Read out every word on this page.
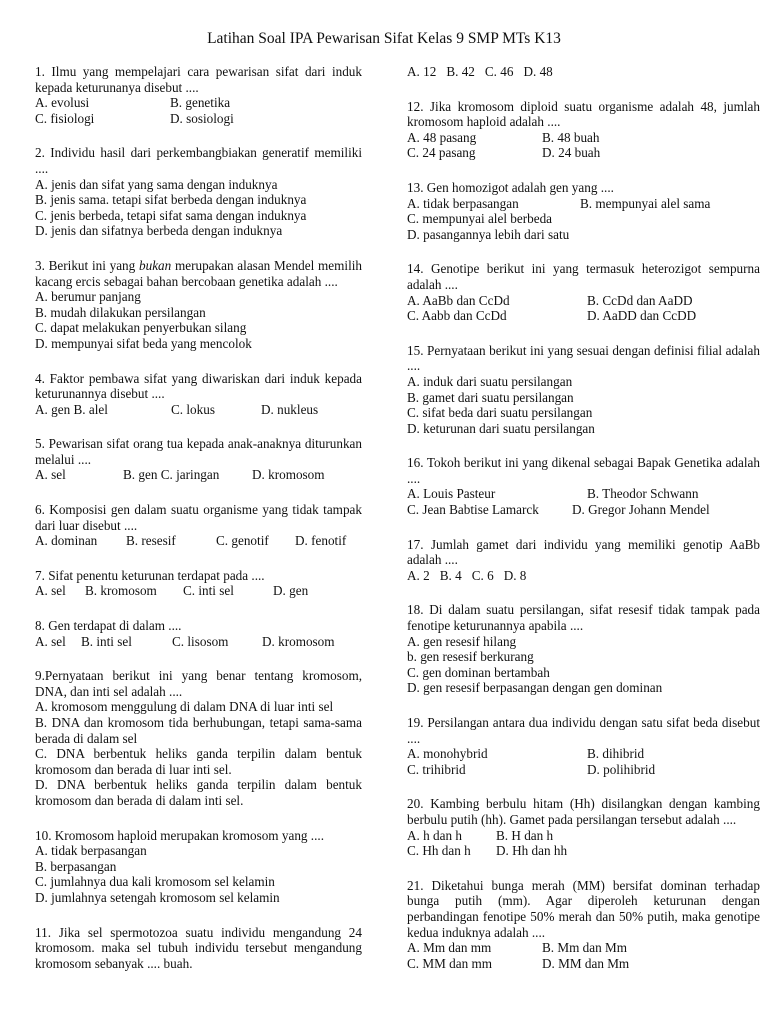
Latihan Soal IPA Pewarisan Sifat Kelas 9 SMP MTs K13
1. Ilmu yang mempelajari cara pewarisan sifat dari induk kepada keturunanya disebut ....
A. evolusi	B. genetika
C. fisiologi	D. sosiologi
2. Individu hasil dari perkembangbiakan generatif memiliki ....
A. jenis dan sifat yang sama dengan induknya
B. jenis sama. tetapi sifat berbeda dengan induknya
C. jenis berbeda, tetapi sifat sama dengan induknya
D. jenis dan sifatnya berbeda dengan induknya
3. Berikut ini yang bukan merupakan alasan Mendel memilih kacang ercis sebagai bahan bercobaan genetika adalah ....
A. berumur panjang
B. mudah dilakukan persilangan
C. dapat melakukan penyerbukan silang
D. mempunyai sifat beda yang mencolok
4. Faktor pembawa sifat yang diwariskan dari induk kepada keturunannya disebut ....
A. gen B. alel	C. lokus	D. nukleus
5. Pewarisan sifat orang tua kepada anak-anaknya diturunkan melalui ....
A. sel	B. gen C. jaringan D. kromosom
6. Komposisi gen dalam suatu organisme yang tidak tampak dari luar disebut ....
A. dominan B. resesif	C. genotif D. fenotif
7. Sifat penentu keturunan terdapat pada ....
A. sel B. kromosom C. inti sel	D. gen
8. Gen terdapat di dalam ....
A. sel B. inti sel	C. lisosom	D. kromosom
9.Pernyataan berikut ini yang benar tentang kromosom, DNA, dan inti sel adalah ....
A. kromosom menggulung di dalam DNA di luar inti sel
B. DNA dan kromosom tida berhubungan, tetapi sama-sama berada di dalam sel
C. DNA berbentuk heliks ganda terpilin dalam bentuk kromosom dan berada di luar inti sel.
D. DNA berbentuk heliks ganda terpilin dalam bentuk kromosom dan berada di dalam inti sel.
10. Kromosom haploid merupakan kromosom yang ....
A. tidak berpasangan
B. berpasangan
C. jumlahnya dua kali kromosom sel kelamin
D. jumlahnya setengah kromosom sel kelamin
11. Jika sel spermotozoa suatu individu mengandung 24 kromosom. maka sel tubuh individu tersebut mengandung kromosom sebanyak .... buah.
A. 12 B. 42 C. 46 D. 48
12. Jika kromosom diploid suatu organisme adalah 48, jumlah kromosom haploid adalah ....
A. 48 pasang	B. 48 buah
C. 24 pasang	D. 24 buah
13. Gen homozigot adalah gen yang ....
A. tidak berpasangan	B. mempunyai alel sama
C. mempunyai alel berbeda
D. pasangannya lebih dari satu
14. Genotipe berikut ini yang termasuk heterozigot sempurna adalah ....
A. AaBb dan CcDd	B. CcDd dan AaDD
C. Aabb dan CcDd	D. AaDD dan CcDD
15. Pernyataan berikut ini yang sesuai dengan definisi filial adalah ....
A. induk dari suatu persilangan
B. gamet dari suatu persilangan
C. sifat beda dari suatu persilangan
D. keturunan dari suatu persilangan
16. Tokoh berikut ini yang dikenal sebagai Bapak Genetika adalah ....
A. Louis Pasteur	B. Theodor Schwann
C. Jean Babtise Lamarck	D. Gregor Johann Mendel
17. Jumlah gamet dari individu yang memiliki genotip AaBb adalah ....
A. 2 B. 4 C. 6 D. 8
18. Di dalam suatu persilangan, sifat resesif tidak tampak pada fenotipe keturunannya apabila ....
A. gen resesif hilang
b. gen resesif berkurang
C. gen dominan bertambah
D. gen resesif berpasangan dengan gen dominan
19. Persilangan antara dua individu dengan satu sifat beda disebut ....
A. monohybrid	B. dihibrid
C. trihibrid	D. polihibrid
20. Kambing berbulu hitam (Hh) disilangkan dengan kambing berbulu putih (hh). Gamet pada persilangan tersebut adalah ....
A. h dan h	B. H dan h
C. Hh dan h D. Hh dan hh
21. Diketahui bunga merah (MM) bersifat dominan terhadap bunga putih (mm). Agar diperoleh keturunan dengan perbandingan fenotipe 50% merah dan 50% putih, maka genotipe kedua induknya adalah ....
A. Mm dan mm	B. Mm dan Mm
C. MM dan mm	D. MM dan Mm
